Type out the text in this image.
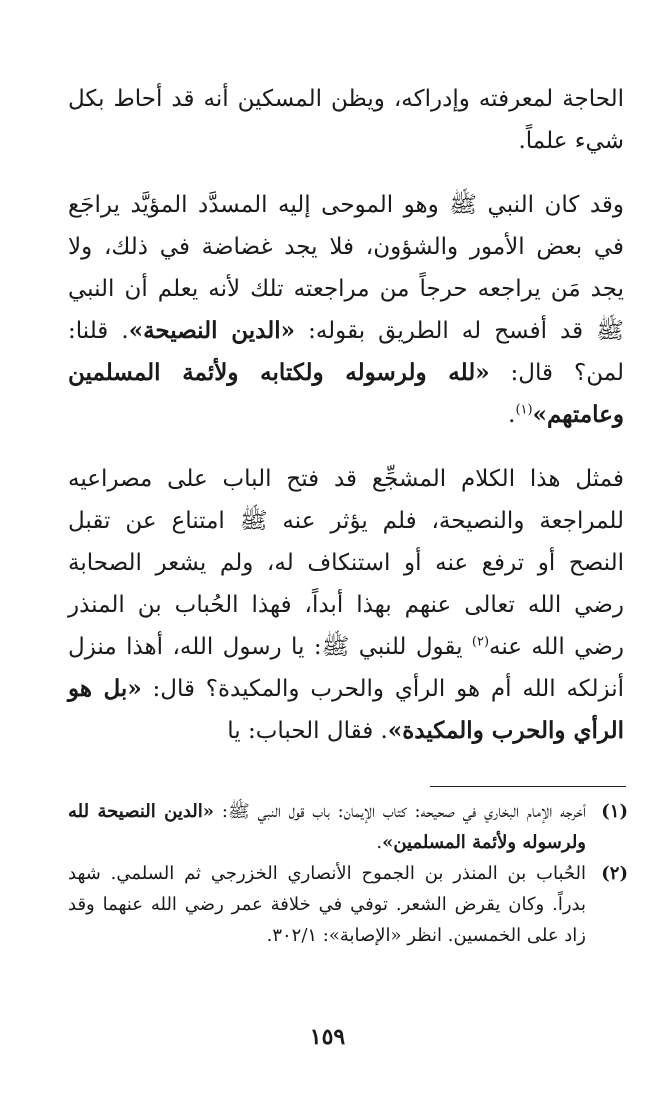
الحاجة لمعرفته وإدراكه، ويظن المسكين أنه قد أحاط بكل شيء علماً.

وقد كان النبي ﷺ وهو الموحى إليه المسدَّد المؤيَّد يراجَع في بعض الأمور والشؤون، فلا يجد غضاضة في ذلك، ولا يجد مَن يراجعه حرجاً من مراجعته تلك لأنه يعلم أن النبي ﷺ قد أفسح له الطريق بقوله: «الدين النصيحة». قلنا: لمن؟ قال: «لله ولرسوله ولكتابه ولأئمة المسلمين وعامتهم»$^{(١)}$.

فمثل هذا الكلام المشجِّع قد فتح الباب على مصراعيه للمراجعة والنصيحة، فلم يؤثر عنه ﷺ امتناع عن تقبل النصح أو ترفع عنه أو استنكاف له، ولم يشعر الصحابة رضي الله تعالى عنهم بهذا أبداً، فهذا الحُباب بن المنذر رضي الله عنه$^{(٢)}$ يقول للنبي ﷺ: يا رسول الله، أهذا منزل أنزلكه الله أم هو الرأي والحرب والمكيدة؟ قال: «بل هو الرأي والحرب والمكيدة». فقال الحباب: يا

(١)
أخرجه الإمام البخاري في صحيحه: كتاب الإيمان: باب قول النبي ﷺ: «الدين النصيحة لله ولرسوله ولأئمة المسلمين».
(٢)
الحُباب بن المنذر بن الجموح الأنصاري الخزرجي ثم السلمي. شهد بدراً. وكان يقرض الشعر. توفي في خلافة عمر رضي الله عنهما وقد زاد على الخمسين. انظر «الإصابة»: ٣٠٢/١.
١٥٩
